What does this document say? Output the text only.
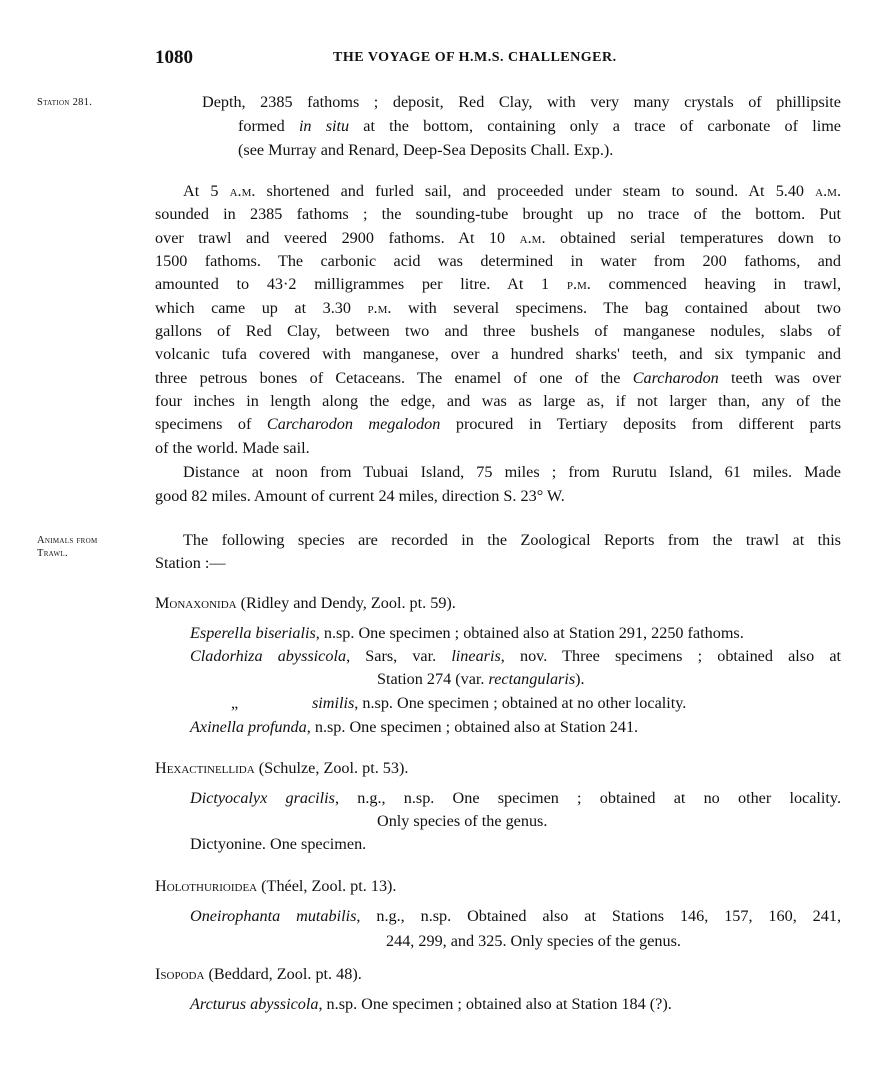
1080	THE VOYAGE OF H.M.S. CHALLENGER.
Station 281.	Depth, 2385 fathoms ; deposit, Red Clay, with very many crystals of phillipsite
formed in situ at the bottom, containing only a trace of carbonate of lime
(see Murray and Renard, Deep-Sea Deposits Chall. Exp.).
At 5 a.m. shortened and furled sail, and proceeded under steam to sound. At 5.40 a.m.
sounded in 2385 fathoms ; the sounding-tube brought up no trace of the bottom. Put
over trawl and veered 2900 fathoms. At 10 a.m. obtained serial temperatures down to
1500 fathoms. The carbonic acid was determined in water from 200 fathoms, and
amounted to 43·2 milligrammes per litre. At 1 p.m. commenced heaving in trawl,
which came up at 3.30 p.m. with several specimens. The bag contained about two
gallons of Red Clay, between two and three bushels of manganese nodules, slabs of
volcanic tufa covered with manganese, over a hundred sharks' teeth, and six tympanic and
three petrous bones of Cetaceans. The enamel of one of the Carcharodon teeth was over
four inches in length along the edge, and was as large as, if not larger than, any of the
specimens of Carcharodon megalodon procured in Tertiary deposits from different parts
of the world. Made sail.
Distance at noon from Tubuai Island, 75 miles ; from Rurutu Island, 61 miles. Made
good 82 miles. Amount of current 24 miles, direction S. 23° W.
Animals from
Trawl.
The following species are recorded in the Zoological Reports from the trawl at this
Station :—
Monaxonida (Ridley and Dendy, Zool. pt. 59).
Esperella biserialis, n.sp. One specimen ; obtained also at Station 291, 2250 fathoms.
Cladorhiza abyssicola, Sars, var. linearis, nov. Three specimens ; obtained also at
Station 274 (var. rectangularis).
„	similis, n.sp. One specimen ; obtained at no other locality.
Axinella profunda, n.sp. One specimen ; obtained also at Station 241.
Hexactinellida (Schulze, Zool. pt. 53).
Dictyocalyx gracilis, n.g., n.sp. One specimen ; obtained at no other locality.
Only species of the genus.
Dictyonine. One specimen.
Holothurioidea (Théel, Zool. pt. 13).
Oneirophanta mutabilis, n.g., n.sp. Obtained also at Stations 146, 157, 160, 241,
244, 299, and 325. Only species of the genus.
Isopoda (Beddard, Zool. pt. 48).
Arcturus abyssicola, n.sp. One specimen ; obtained also at Station 184 (?).
